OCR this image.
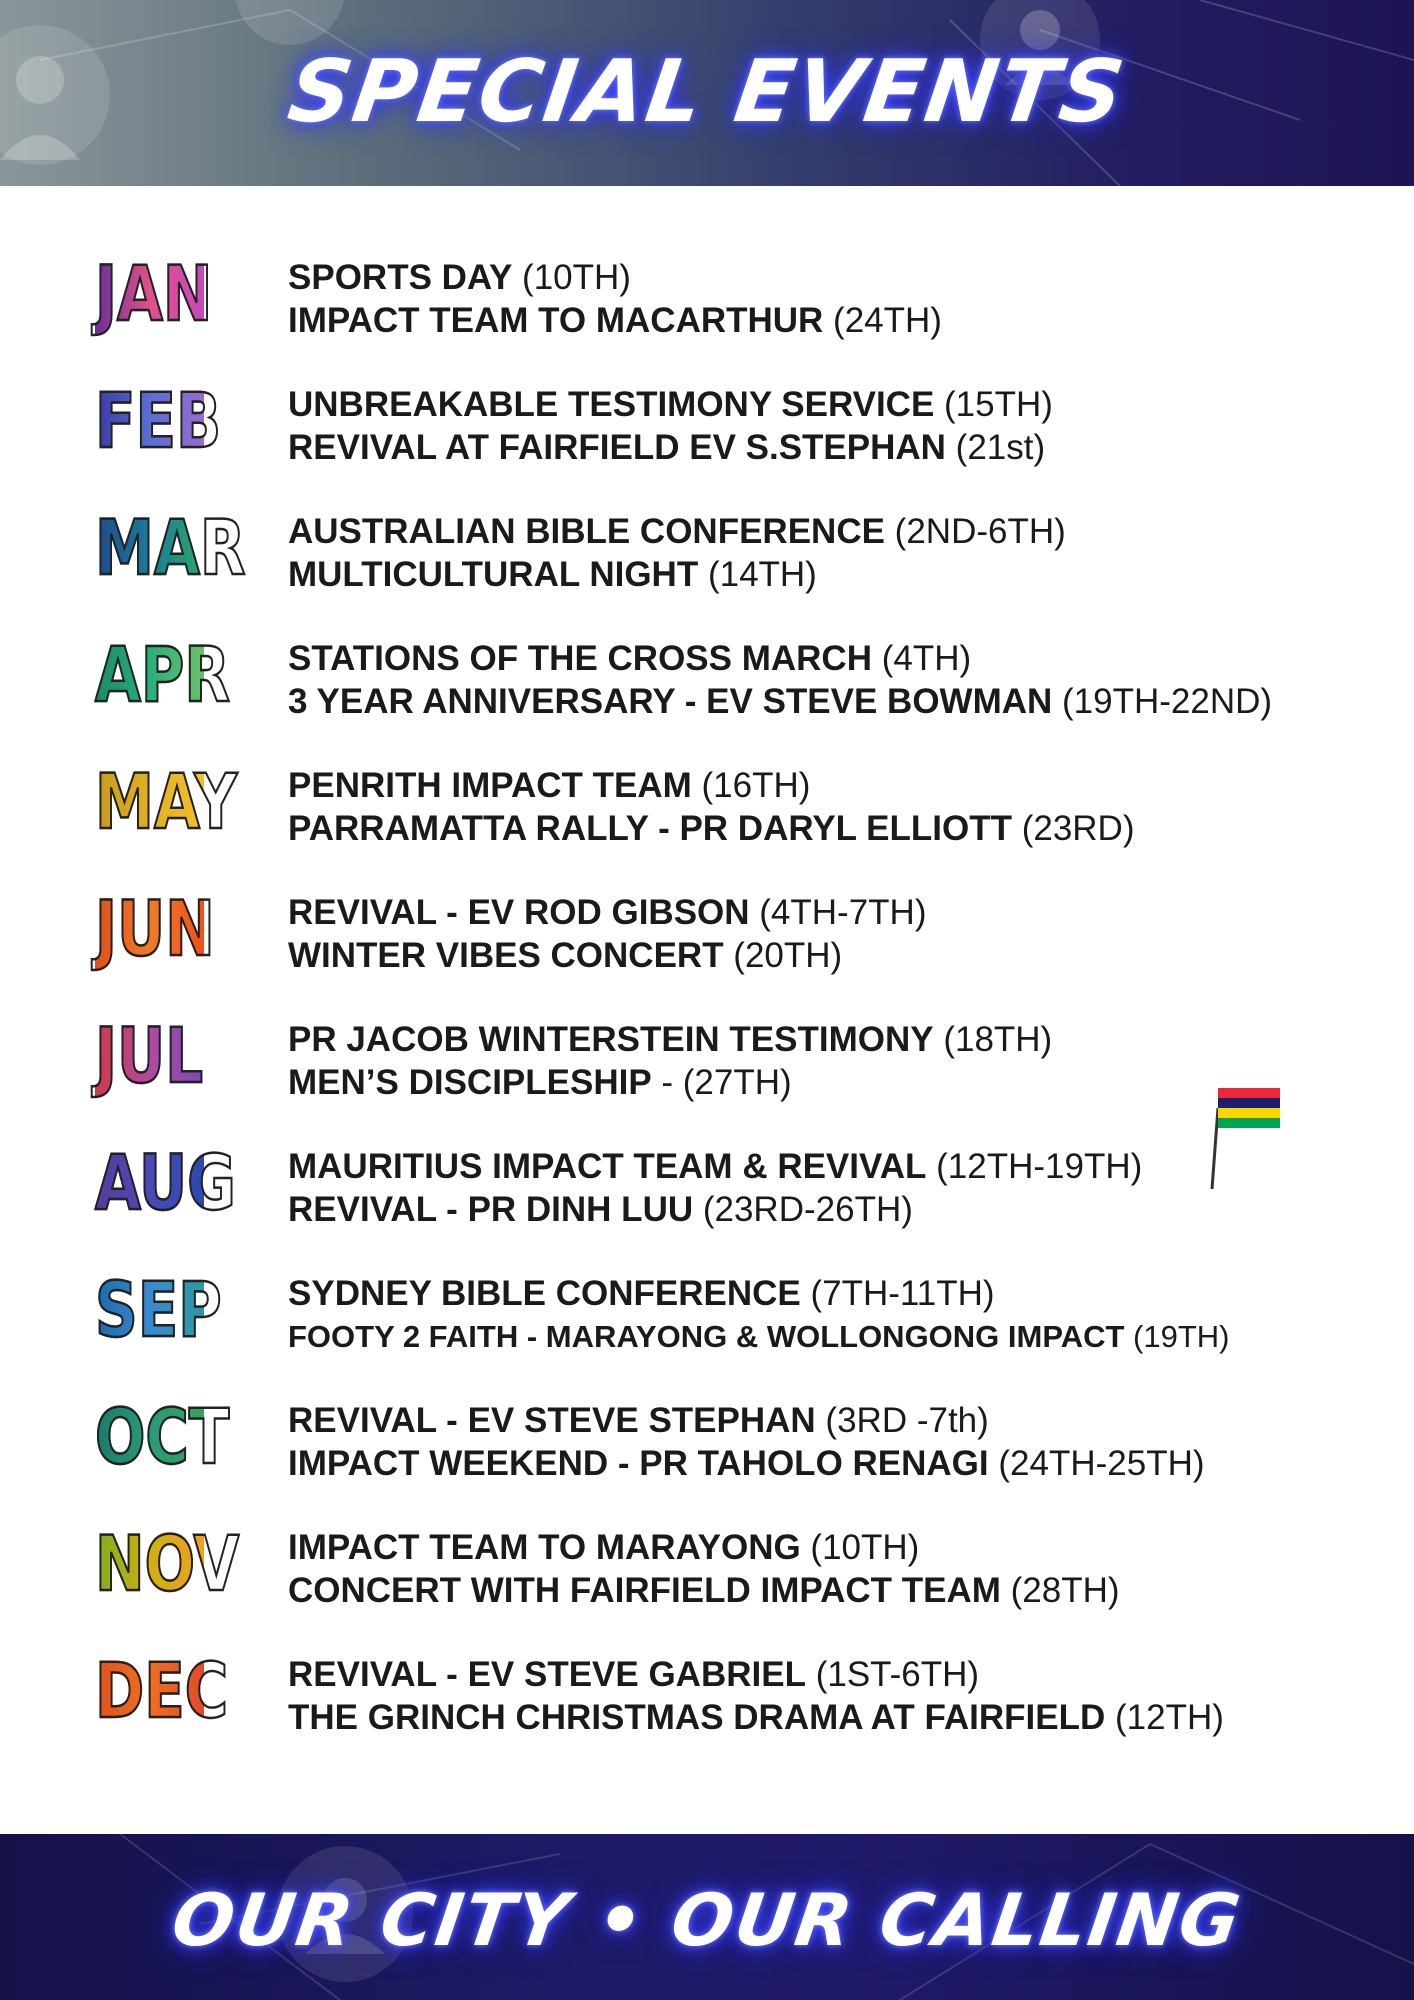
SPECIAL EVENTS
JAN SPORTS DAY (10TH)
IMPACT TEAM TO MACARTHUR (24TH)
FEB UNBREAKABLE TESTIMONY SERVICE (15TH)
REVIVAL AT FAIRFIELD EV S.STEPHAN (21st)
MAR AUSTRALIAN BIBLE CONFERENCE (2ND-6TH)
MULTICULTURAL NIGHT (14TH)
APR STATIONS OF THE CROSS MARCH (4TH)
3 YEAR ANNIVERSARY - EV STEVE BOWMAN (19TH-22ND)
MAY PENRITH IMPACT TEAM (16TH)
PARRAMATTA RALLY - PR DARYL ELLIOTT (23RD)
JUN REVIVAL - EV ROD GIBSON (4TH-7TH)
WINTER VIBES CONCERT (20TH)
JUL PR JACOB WINTERSTEIN TESTIMONY (18TH)
MEN’S DISCIPLESHIP - (27TH)
AUG MAURITIUS IMPACT TEAM & REVIVAL (12TH-19TH)
REVIVAL - PR DINH LUU (23RD-26TH)
SEP SYDNEY BIBLE CONFERENCE (7TH-11TH)
FOOTY 2 FAITH - MARAYONG & WOLLONGONG IMPACT (19TH)
OCT REVIVAL - EV STEVE STEPHAN (3RD -7th)
IMPACT WEEKEND - PR TAHOLO RENAGI (24TH-25TH)
NOV IMPACT TEAM TO MARAYONG (10TH)
CONCERT WITH FAIRFIELD IMPACT TEAM (28TH)
DEC REVIVAL - EV STEVE GABRIEL (1ST-6TH)
THE GRINCH CHRISTMAS DRAMA AT FAIRFIELD (12TH)
OUR CITY • OUR CALLING
